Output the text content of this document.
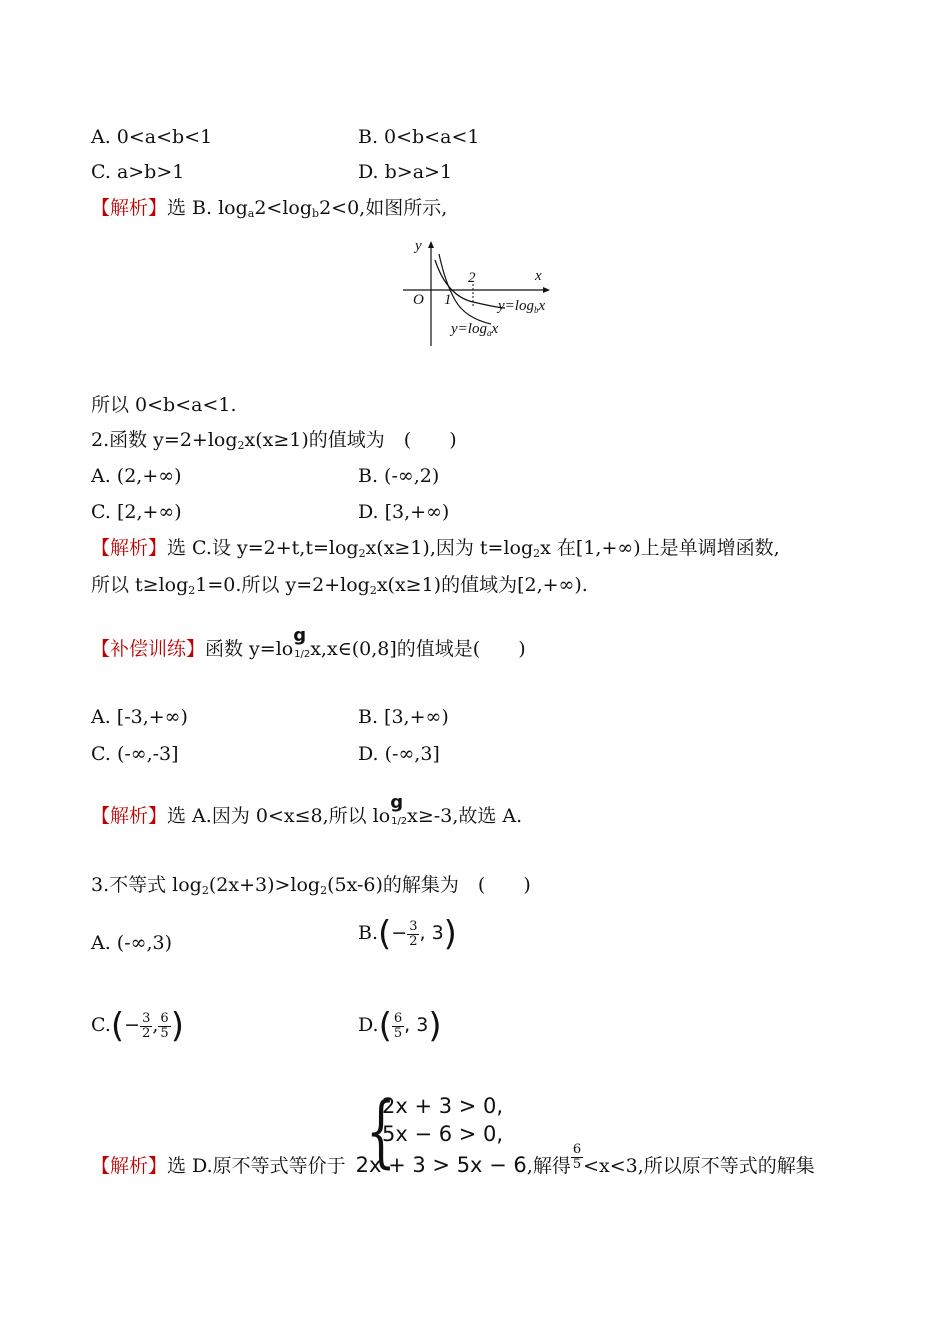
A. 0<a<b<1	B. 0<b<a<1
C. a>b>1	D. b>a>1
【解析】选 B. $\log_a2<\log_b2<0$,如图所示,
y
x
O 1
2
$y=\log_bx$
$y=\log_ax$
所以 0<b<a<1.
2.函数 $y=2+\log_2x(x\ge 1)$的值域为　(　　)
A. (2,+∞)	B. (-∞,2)
C. [2,+∞)	D. [3,+∞)
【解析】选 C.设 $y=2+t,t=\log_2x(x\ge 1)$,因为 $t=\log_2x$ 在[1,+∞)上是单调增函数,
所以 $t\ge\log_21=0$.所以 $y=2+\log_2x(x\ge 1)$的值域为[2,+∞).
【补偿训练】函数 y=log1/2x,x∈(0,8]的值域是(　　)
A. [-3,+∞)	B. [3,+∞)
C. (-∞,-3]	D. (-∞,3]
【解析】选 A.因为 0<x≤8,所以 log1/2x≥-3,故选 A.
3.不等式 $\log_2(2x+3)>\log_2(5x-6)$的解集为　(　　)
A. (-∞,3)	$B.(- \frac{3}{2}$ , 3)
$C.(- \frac{3}{2}$ , $\frac{6}{5}$ )	$D.( \frac{6}{5}$ , 3)
{
2x + 3 > 0,
5x − 6 > 0,
【解析】选 D.原不等式等价于 2x + 3 > 5x − 6,解得 $\frac{6}{5} <x<3$,所以原不等式的解集
